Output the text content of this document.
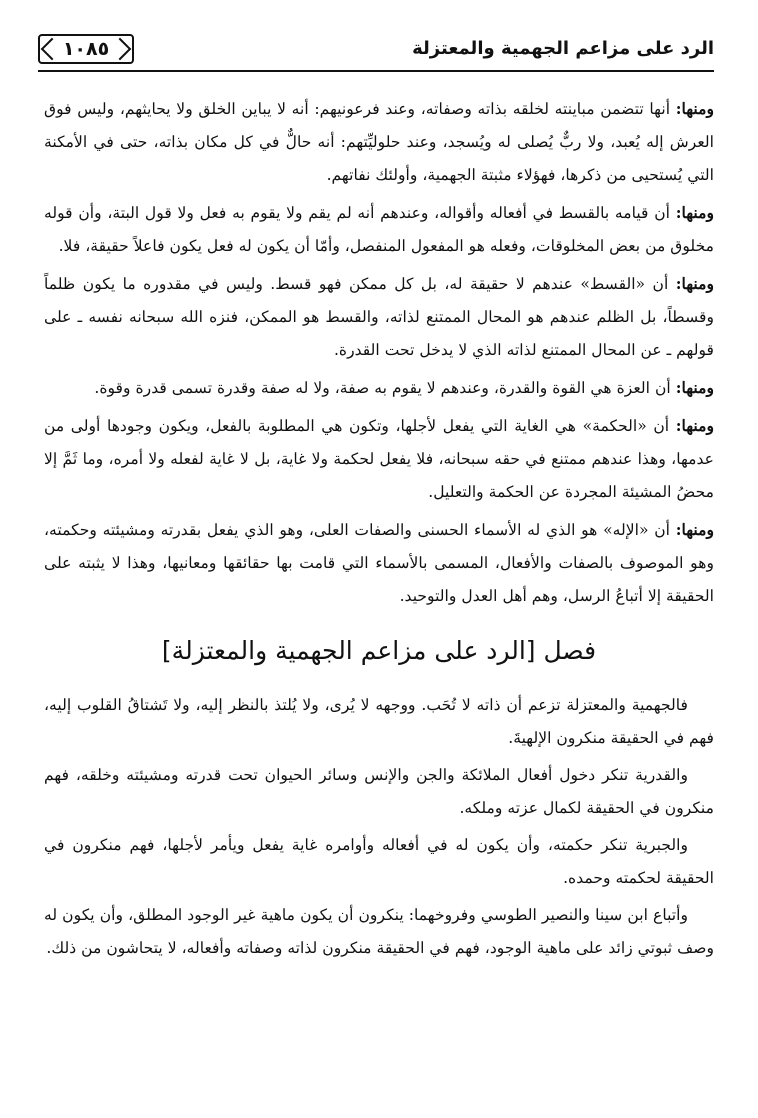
الرد على مزاعم الجهمية والمعتزلة
١٠٨٥

ومنها: أنها تتضمن مباينته لخلقه بذاته وصفاته، وعند فرعونيهم: أنه لا يباين الخلق ولا يحايثهم، وليس فوق العرش إله يُعبد، ولا ربٌّ يُصلى له ويُسجد، وعند حلوليِّتهم: أنه حالٌّ في كل مكان بذاته، حتى في الأمكنة التي يُستحيى من ذكرها، فهؤلاء مثبتة الجهمية، وأولئك نفاتهم.

ومنها: أن قيامه بالقسط في أفعاله وأقواله، وعندهم أنه لم يقم ولا يقوم به فعل ولا قول البتة، وأن قوله مخلوق من بعض المخلوقات، وفعله هو المفعول المنفصل، وأمّا أن يكون له فعل يكون فاعلاً حقيقة، فلا.

ومنها: أن «القسط» عندهم لا حقيقة له، بل كل ممكن فهو قسط. وليس في مقدوره ما يكون ظلماً وقسطاً، بل الظلم عندهم هو المحال الممتنع لذاته، والقسط هو الممكن، فنزه الله سبحانه نفسه ـ على قولهم ـ عن المحال الممتنع لذاته الذي لا يدخل تحت القدرة.

ومنها: أن العزة هي القوة والقدرة، وعندهم لا يقوم به صفة، ولا له صفة وقدرة تسمى قدرة وقوة.

ومنها: أن «الحكمة» هي الغاية التي يفعل لأجلها، وتكون هي المطلوبة بالفعل، ويكون وجودها أولى من عدمها، وهذا عندهم ممتنع في حقه سبحانه، فلا يفعل لحكمة ولا غاية، بل لا غاية لفعله ولا أمره، وما ثَمَّ إلا محضُ المشيئة المجردة عن الحكمة والتعليل.

ومنها: أن «الإله» هو الذي له الأسماء الحسنى والصفات العلى، وهو الذي يفعل بقدرته ومشيئته وحكمته، وهو الموصوف بالصفات والأفعال، المسمى بالأسماء التي قامت بها حقائقها ومعانيها، وهذا لا يثبته على الحقيقة إلا أتباعُ الرسل، وهم أهل العدل والتوحيد.

فصل [الرد على مزاعم الجهمية والمعتزلة]

فالجهمية والمعتزلة تزعم أن ذاته لا تُحَب. ووجهه لا يُرى، ولا يُلتذ بالنظر إليه، ولا تَشتاقُ القلوب إليه، فهم في الحقيقة منكرون الإلهيةَ.

والقدرية تنكر دخول أفعال الملائكة والجن والإنس وسائر الحيوان تحت قدرته ومشيئته وخلقه، فهم منكرون في الحقيقة لكمال عزته وملكه.

والجبرية تنكر حكمته، وأن يكون له في أفعاله وأوامره غاية يفعل ويأمر لأجلها، فهم منكرون في الحقيقة لحكمته وحمده.

وأتباع ابن سينا والنصير الطوسي وفروخهما: ينكرون أن يكون ماهية غير الوجود المطلق، وأن يكون له وصف ثبوتي زائد على ماهية الوجود، فهم في الحقيقة منكرون لذاته وصفاته وأفعاله، لا يتحاشون من ذلك.
